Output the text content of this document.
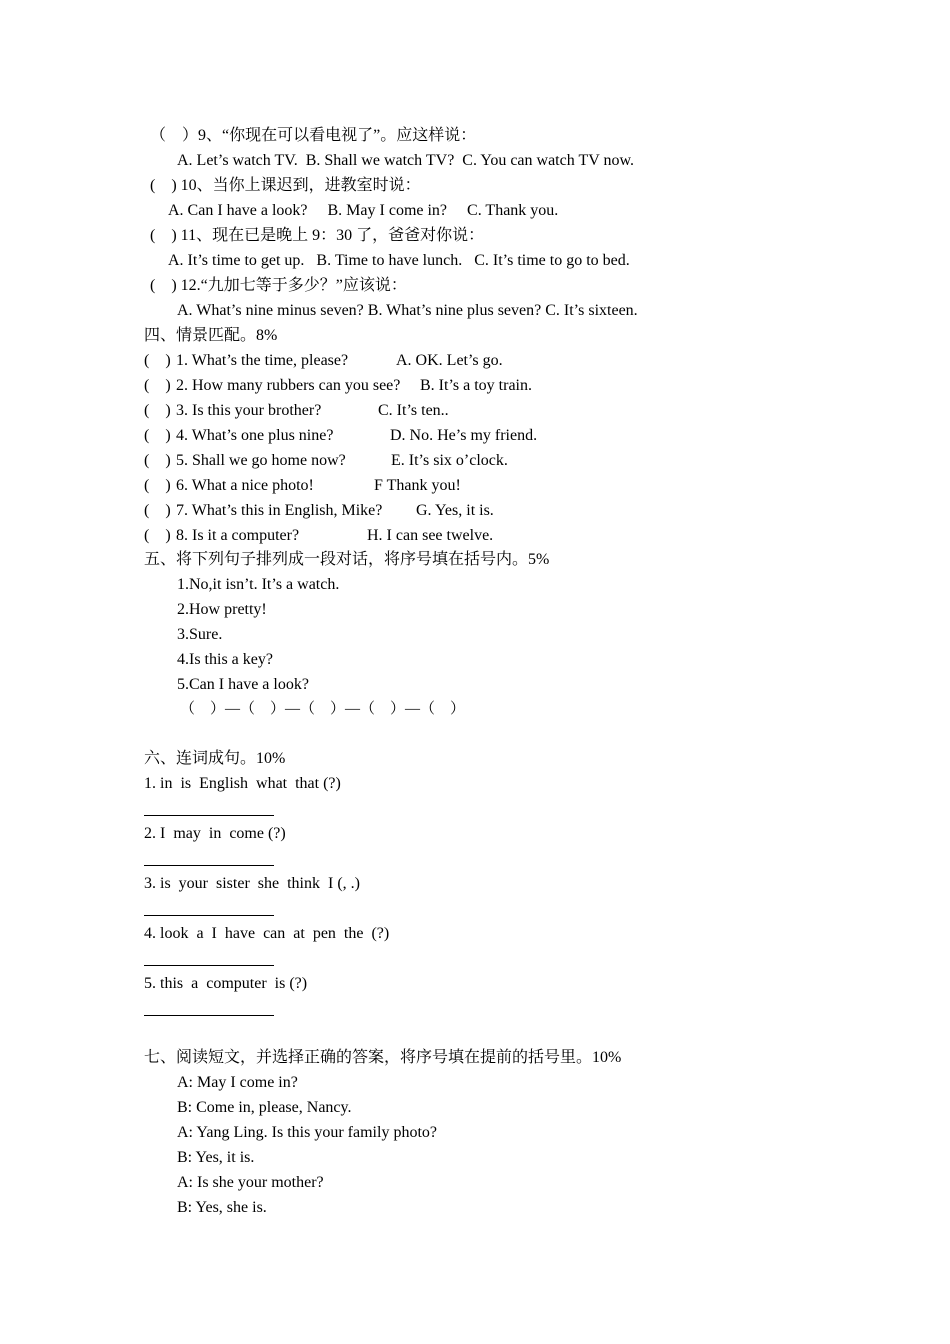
（　）9、“你现在可以看电视了”。应这样说：
A. Let’s watch TV.  B. Shall we watch TV?  C. You can watch TV now.
(　) 10、当你上课迟到，进教室时说：
A. Can I have a look?     B. May I come in?     C. Thank you.
(　) 11、现在已是晚上 9：30 了，爸爸对你说：
A. It’s time to get up.   B. Time to have lunch.   C. It’s time to go to bed.
(　) 12.“九加七等于多少？”应该说：
A. What’s nine minus seven? B. What’s nine plus seven? C. It’s sixteen.
四、情景匹配。8%
(　) 1. What’s the time, please?	A. OK. Let’s go.
(　) 2. How many rubbers can you see? B. It’s a toy train.
(　) 3. Is this your brother?	C. It’s ten..
(　) 4. What’s one plus nine?	D. No. He’s my friend.
(　) 5. Shall we go home now?	E. It’s six o’clock.
(　) 6. What a nice photo!	F Thank you!
(　) 7. What’s this in English, Mike? G. Yes, it is.
(　) 8. Is it a computer?	H. I can see twelve.
五、将下列句子排列成一段对话，将序号填在括号内。5%
1.No,it isn’t. It’s a watch.
2.How pretty!
3.Sure.
4.Is this a key?
5.Can I have a look?
（　）—（　）—（　）—（　）—（　）
六、连词成句。10%
1. in  is  English  what  that (?)
2. I  may  in  come (?)
3. is  your  sister  she  think  I (, .)
4. look  a  I  have  can  at  pen  the  (?)
5. this  a  computer  is (?)
七、阅读短文，并选择正确的答案，将序号填在提前的括号里。10%
A: May I come in?
B: Come in, please, Nancy.
A: Yang Ling. Is this your family photo?
B: Yes, it is.
A: Is she your mother?
B: Yes, she is.
